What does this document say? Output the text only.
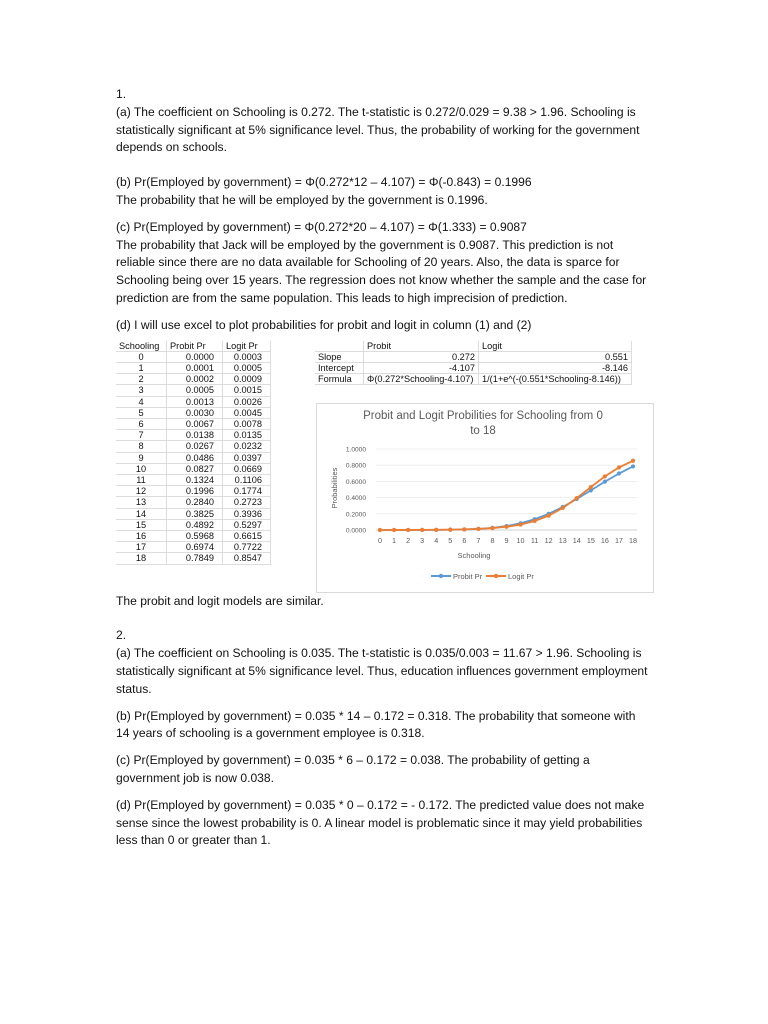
1.

(a) The coefficient on Schooling is 0.272. The t-statistic is 0.272/0.029 = 9.38 > 1.96. Schooling is statistically significant at 5% significance level. Thus, the probability of working for the government depends on schools.

(b) Pr(Employed by government) = Φ(0.272*12 – 4.107) = Φ(-0.843) = 0.1996

The probability that he will be employed by the government is 0.1996.

(c) Pr(Employed by government) = Φ(0.272*20 – 4.107) = Φ(1.333) = 0.9087

The probability that Jack will be employed by the government is 0.9087. This prediction is not reliable since there are no data available for Schooling of 20 years. Also, the data is sparce for Schooling being over 15 years. The regression does not know whether the sample and the case for prediction are from the same population. This leads to high imprecision of prediction.

(d) I will use excel to plot probabilities for probit and logit in column (1) and (2)

Schooling	Probit Pr	Logit Pr
0	0.0000	0.0003
1	0.0001	0.0005
2	0.0002	0.0009
3	0.0005	0.0015
4	0.0013	0.0026
5	0.0030	0.0045
6	0.0067	0.0078
7	0.0138	0.0135
8	0.0267	0.0232
9	0.0486	0.0397
10	0.0827	0.0669
11	0.1324	0.1106
12	0.1996	0.1774
13	0.2840	0.2723
14	0.3825	0.3936
15	0.4892	0.5297
16	0.5968	0.6615
17	0.6974	0.7722
18	0.7849	0.8547
	Probit	Logit
Slope	0.272	0.551
Intercept	-4.107	-8.146
Formula	Φ(0.272*Schooling-4.107)	1/(1+e^(-(0.551*Schooling-8.146))
Probit and Logit Probilities for Schooling from 0
to 18
Schooling
Probabilities
0.0000
0.2000
0.4000
0.6000
0.8000
1.0000
0 1 2 3 4 5 6 7 8 9 10 11 12 13 14 15 16 17 18
Probit Pr	Logit Pr

The probit and logit models are similar.

2.

(a) The coefficient on Schooling is 0.035. The t-statistic is 0.035/0.003 = 11.67 > 1.96. Schooling is statistically significant at 5% significance level. Thus, education influences government employment status.

(b) Pr(Employed by government) = 0.035 * 14 – 0.172 = 0.318. The probability that someone with 14 years of schooling is a government employee is 0.318.

(c) Pr(Employed by government) = 0.035 * 6 – 0.172 = 0.038. The probability of getting a government job is now 0.038.

(d) Pr(Employed by government) = 0.035 * 0 – 0.172 = - 0.172. The predicted value does not make sense since the lowest probability is 0. A linear model is problematic since it may yield probabilities less than 0 or greater than 1.
